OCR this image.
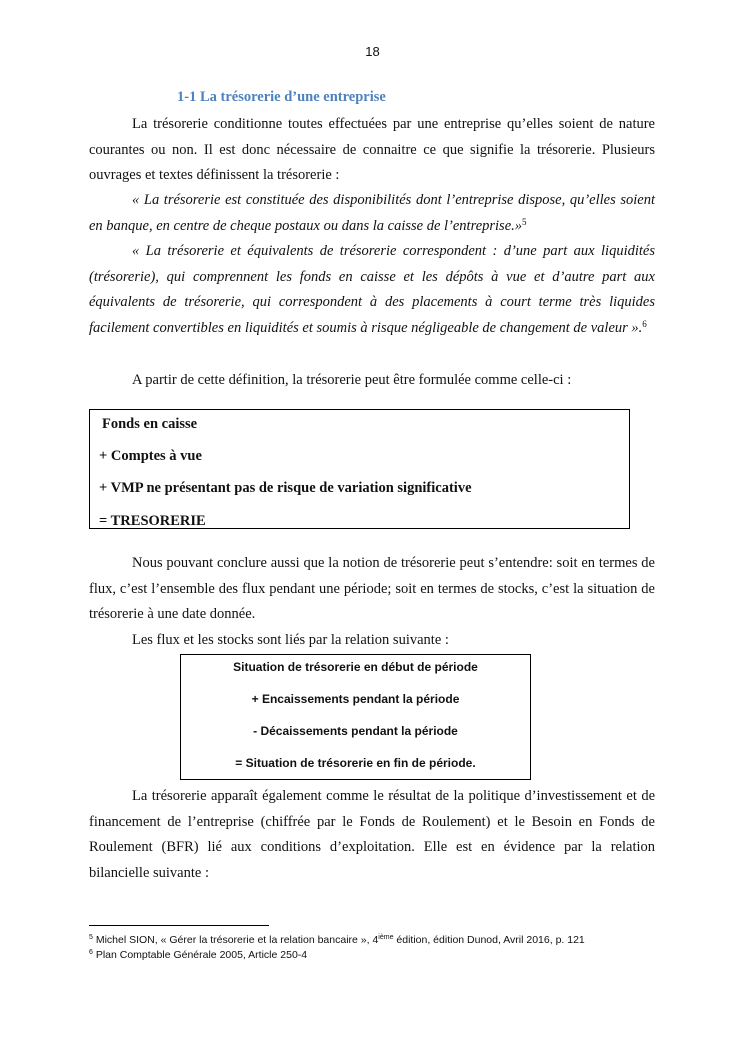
18
1-1 La trésorerie d’une entreprise

La trésorerie conditionne toutes effectuées par une entreprise qu’elles soient de nature courantes ou non. Il est donc nécessaire de connaitre ce que signifie la trésorerie. Plusieurs ouvrages et textes définissent la trésorerie :

« La trésorerie est constituée des disponibilités dont l’entreprise dispose, qu’elles soient en banque, en centre de cheque postaux ou dans la caisse de l’entreprise.»$^5$

« La trésorerie et équivalents de trésorerie correspondent : d’une part aux liquidités (trésorerie), qui comprennent les fonds en caisse et les dépôts à vue et d’autre part aux équivalents de trésorerie, qui correspondent à des placements à court terme très liquides facilement convertibles en liquidités et soumis à risque négligeable de changement de valeur ».$^6$

A partir de cette définition, la trésorerie peut être formulée comme celle-ci :

Fonds en caisse
+ Comptes à vue
+ VMP ne présentant pas de risque de variation significative
= TRESORERIE

Nous pouvant conclure aussi que la notion de trésorerie peut s’entendre: soit en termes de flux, c’est l’ensemble des flux pendant une période; soit en termes de stocks, c’est la situation de trésorerie à une date donnée.

Les flux et les stocks sont liés par la relation suivante :

Situation de trésorerie en début de période
+ Encaissements pendant la période
- Décaissements pendant la période
= Situation de trésorerie en fin de période.

La trésorerie apparaît également comme le résultat de la politique d’investissement et de financement de l’entreprise (chiffrée par le Fonds de Roulement) et le Besoin en Fonds de Roulement (BFR) lié aux conditions d’exploitation. Elle est en évidence par la relation bilancielle suivante :

$^5$ Michel SION, « Gérer la trésorerie et la relation bancaire », 4ième édition, édition Dunod, Avril 2016, p. 121
$^6$ Plan Comptable Générale 2005, Article 250-4
